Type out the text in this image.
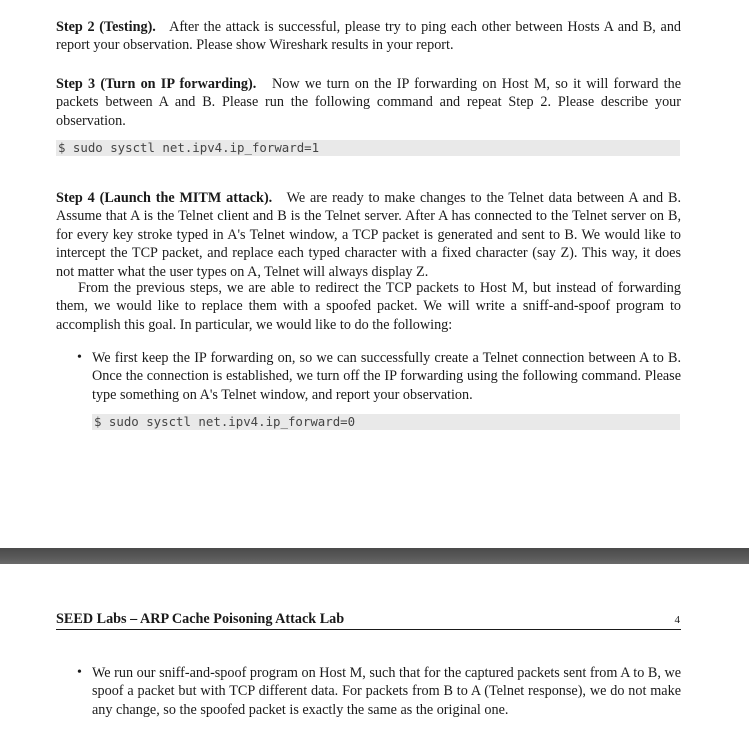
Step 2 (Testing). After the attack is successful, please try to ping each other between Hosts A and B, and report your observation. Please show Wireshark results in your report.

Step 3 (Turn on IP forwarding). Now we turn on the IP forwarding on Host M, so it will forward the packets between A and B. Please run the following command and repeat Step 2. Please describe your observation.

$ sudo sysctl net.ipv4.ip_forward=1

Step 4 (Launch the MITM attack). We are ready to make changes to the Telnet data between A and B. Assume that A is the Telnet client and B is the Telnet server. After A has connected to the Telnet server on B, for every key stroke typed in A's Telnet window, a TCP packet is generated and sent to B. We would like to intercept the TCP packet, and replace each typed character with a fixed character (say Z). This way, it does not matter what the user types on A, Telnet will always display Z.

From the previous steps, we are able to redirect the TCP packets to Host M, but instead of forwarding them, we would like to replace them with a spoofed packet. We will write a sniff-and-spoof program to accomplish this goal. In particular, we would like to do the following:

• We first keep the IP forwarding on, so we can successfully create a Telnet connection between A to B. Once the connection is established, we turn off the IP forwarding using the following command. Please type something on A's Telnet window, and report your observation.

$ sudo sysctl net.ipv4.ip_forward=0
SEED Labs – ARP Cache Poisoning Attack Lab	4
• We run our sniff-and-spoof program on Host M, such that for the captured packets sent from A to B, we spoof a packet but with TCP different data. For packets from B to A (Telnet response), we do not make any change, so the spoofed packet is exactly the same as the original one.
